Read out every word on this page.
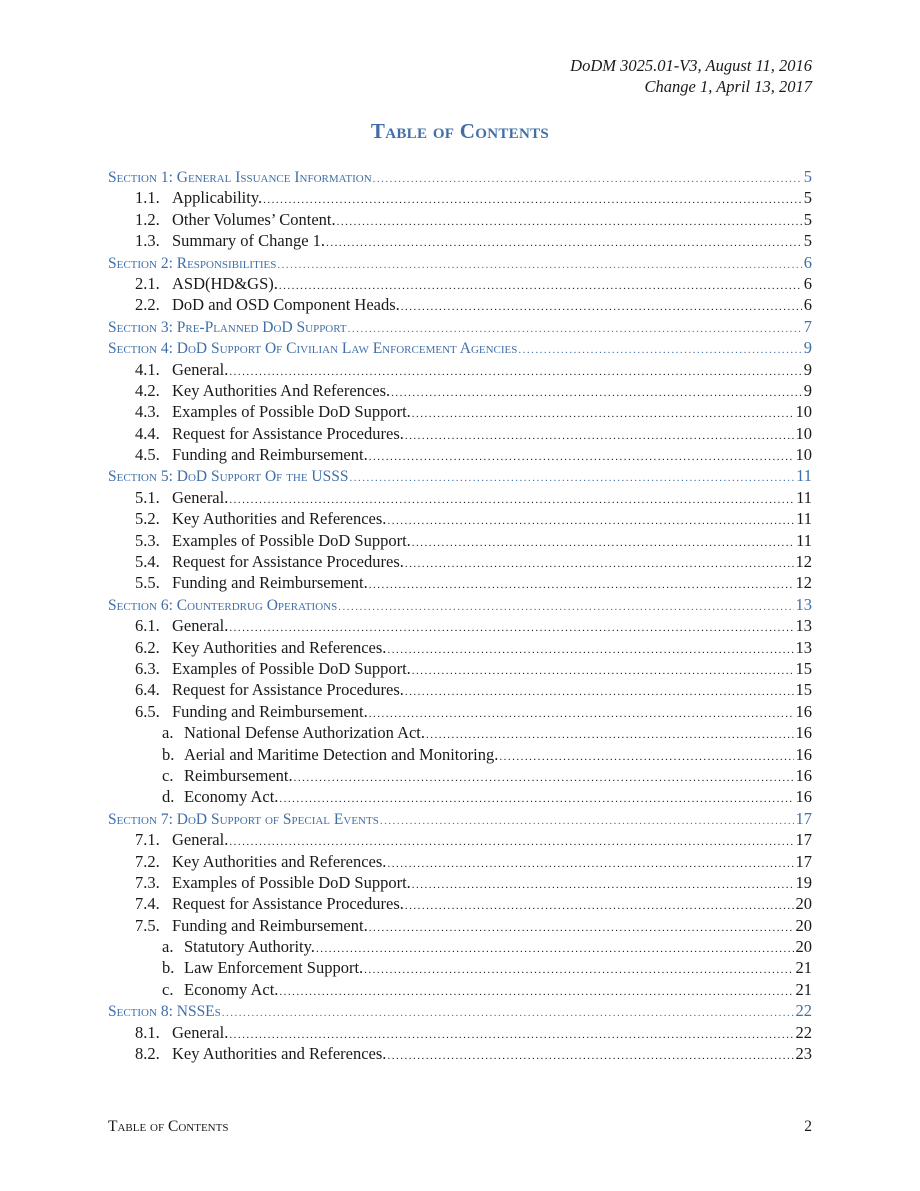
DoDM 3025.01-V3, August 11, 2016
Change 1, April 13, 2017
Table of Contents
Section 1: General Issuance Information .....	5
1.1. Applicability. .....	5
1.2. Other Volumes’ Content. .....	5
1.3. Summary of Change 1. .....	5
Section 2: Responsibilities .....	6
2.1. ASD(HD&GS). .....	6
2.2. DoD and OSD Component Heads. .....	6
Section 3: Pre-Planned DoD Support .....	7
Section 4: DoD Support Of Civilian Law Enforcement Agencies .....	9
4.1. General. .....	9
4.2. Key Authorities And References. .....	9
4.3. Examples of Possible DoD Support. .....	10
4.4. Request for Assistance Procedures. .....	10
4.5. Funding and Reimbursement. .....	10
Section 5: DoD Support Of the USSS .....	11
5.1. General. .....	11
5.2. Key Authorities and References. .....	11
5.3. Examples of Possible DoD Support. .....	11
5.4. Request for Assistance Procedures. .....	12
5.5. Funding and Reimbursement. .....	12
Section 6: Counterdrug Operations .....	13
6.1. General. .....	13
6.2. Key Authorities and References. .....	13
6.3. Examples of Possible DoD Support. .....	15
6.4. Request for Assistance Procedures. .....	15
6.5. Funding and Reimbursement. .....	16
a. National Defense Authorization Act. .....	16
b. Aerial and Maritime Detection and Monitoring. .....	16
c. Reimbursement. .....	16
d. Economy Act. .....	16
Section 7: DoD Support of Special Events .....	17
7.1. General. .....	17
7.2. Key Authorities and References. .....	17
7.3. Examples of Possible DoD Support. .....	19
7.4. Request for Assistance Procedures. .....	20
7.5. Funding and Reimbursement. .....	20
a. Statutory Authority. .....	20
b. Law Enforcement Support. .....	21
c. Economy Act. .....	21
Section 8: NSSEs .....	22
8.1. General. .....	22
8.2. Key Authorities and References. .....	23
Table of Contents	2
